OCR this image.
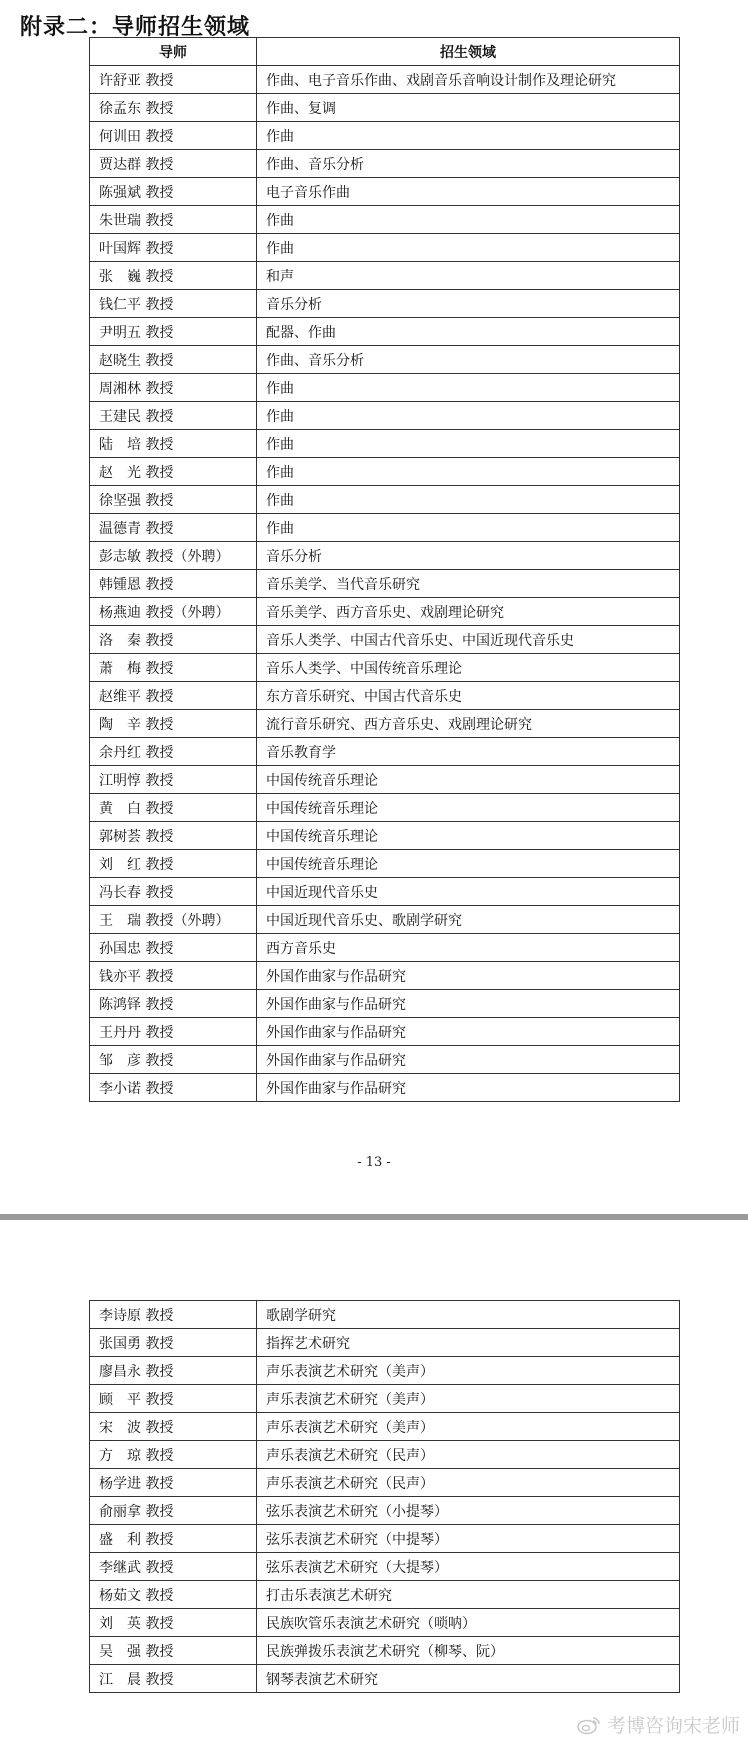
附录二：导师招生领域
导师	招生领域
许舒亚 教授	作曲、电子音乐作曲、戏剧音乐音响设计制作及理论研究
徐孟东 教授	作曲、复调
何训田 教授	作曲
贾达群 教授	作曲、音乐分析
陈强斌 教授	电子音乐作曲
朱世瑞 教授	作曲
叶国辉 教授	作曲
张　巍 教授	和声
钱仁平 教授	音乐分析
尹明五 教授	配器、作曲
赵晓生 教授	作曲、音乐分析
周湘林 教授	作曲
王建民 教授	作曲
陆　培 教授	作曲
赵　光 教授	作曲
徐坚强 教授	作曲
温德青 教授	作曲
彭志敏 教授（外聘）	音乐分析
韩锺恩 教授	音乐美学、当代音乐研究
杨燕迪 教授（外聘）	音乐美学、西方音乐史、戏剧理论研究
洛　秦 教授	音乐人类学、中国古代音乐史、中国近现代音乐史
萧　梅 教授	音乐人类学、中国传统音乐理论
赵维平 教授	东方音乐研究、中国古代音乐史
陶　辛 教授	流行音乐研究、西方音乐史、戏剧理论研究
余丹红 教授	音乐教育学
江明惇 教授	中国传统音乐理论
黄　白 教授	中国传统音乐理论
郭树荟 教授	中国传统音乐理论
刘　红 教授	中国传统音乐理论
冯长春 教授	中国近现代音乐史
王　瑞 教授（外聘）	中国近现代音乐史、歌剧学研究
孙国忠 教授	西方音乐史
钱亦平 教授	外国作曲家与作品研究
陈鸿铎 教授	外国作曲家与作品研究
王丹丹 教授	外国作曲家与作品研究
邹　彦 教授	外国作曲家与作品研究
李小诺 教授	外国作曲家与作品研究
- 13 -
李诗原 教授	歌剧学研究
张国勇 教授	指挥艺术研究
廖昌永 教授	声乐表演艺术研究（美声）
顾　平 教授	声乐表演艺术研究（美声）
宋　波 教授	声乐表演艺术研究（美声）
方　琼 教授	声乐表演艺术研究（民声）
杨学进 教授	声乐表演艺术研究（民声）
俞丽拿 教授	弦乐表演艺术研究（小提琴）
盛　利 教授	弦乐表演艺术研究（中提琴）
李继武 教授	弦乐表演艺术研究（大提琴）
杨茹文 教授	打击乐表演艺术研究
刘　英 教授	民族吹管乐表演艺术研究（唢呐）
吴　强 教授	民族弹拨乐表演艺术研究（柳琴、阮）
江　晨 教授	钢琴表演艺术研究
考博咨询宋老师
